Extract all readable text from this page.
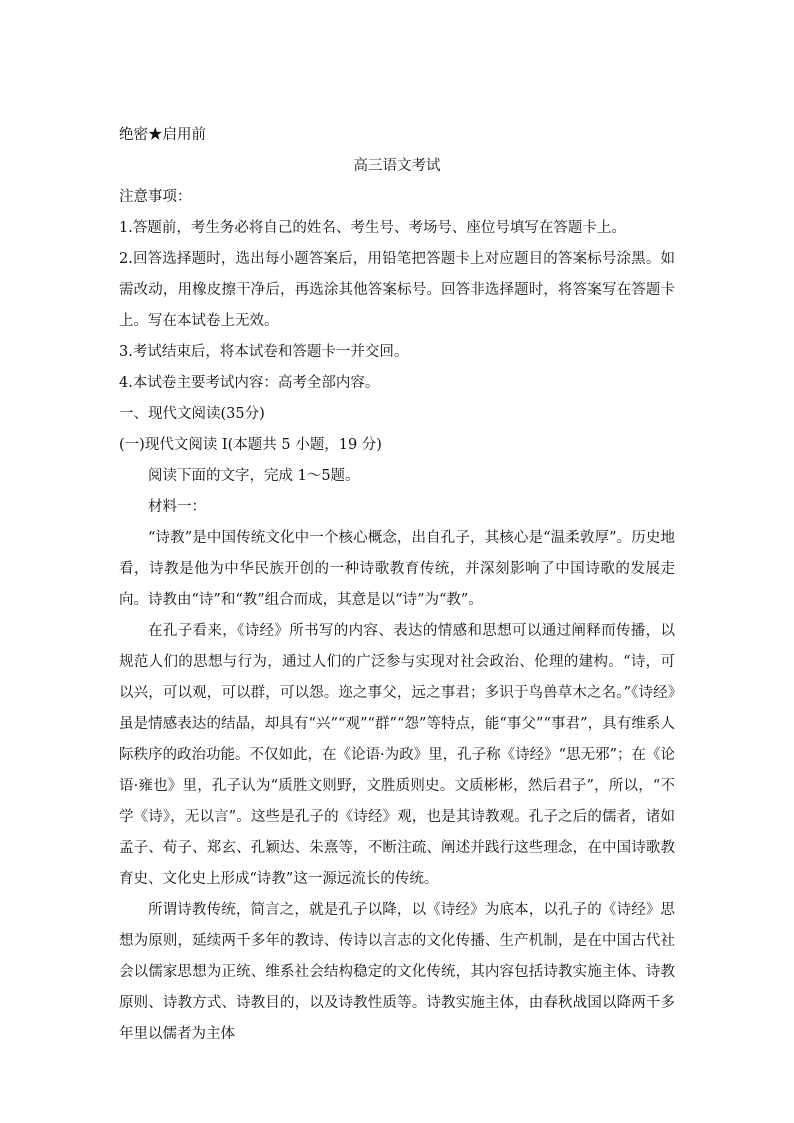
绝密★启用前
高三语文考试
注意事项：
1.答题前，考生务必将自己的姓名、考生号、考场号、座位号填写在答题卡上。
2.回答选择题时，选出每小题答案后，用铅笔把答题卡上对应题目的答案标号涂黑。如需改动，用橡皮擦干净后，再选涂其他答案标号。回答非选择题时，将答案写在答题卡上。写在本试卷上无效。
3.考试结束后，将本试卷和答题卡一并交回。
4.本试卷主要考试内容：高考全部内容。
一、现代文阅读(35分)
(一)现代文阅读 I(本题共 5 小题，19 分)
阅读下面的文字，完成 1～5题。
材料一：
“诗教”是中国传统文化中一个核心概念，出自孔子，其核心是“温柔敦厚”。历史地看，诗教是他为中华民族开创的一种诗歌教育传统，并深刻影响了中国诗歌的发展走向。诗教由“诗”和“教”组合而成，其意是以“诗”为“教”。
在孔子看来，《诗经》所书写的内容、表达的情感和思想可以通过阐释而传播，以规范人们的思想与行为，通过人们的广泛参与实现对社会政治、伦理的建构。“诗，可以兴，可以观，可以群，可以怨。迩之事父，远之事君；多识于鸟兽草木之名。”《诗经》虽是情感表达的结晶，却具有“兴”“观”“群”“怨”等特点，能“事父”“事君”，具有维系人际秩序的政治功能。不仅如此，在《论语·为政》里，孔子称《诗经》“思无邪”；在《论语·雍也》里，孔子认为“质胜文则野，文胜质则史。文质彬彬，然后君子”，所以，“不学《诗》，无以言”。这些是孔子的《诗经》观，也是其诗教观。孔子之后的儒者，诸如孟子、荀子、郑玄、孔颖达、朱熹等，不断注疏、阐述并践行这些理念，在中国诗歌教育史、文化史上形成“诗教”这一源远流长的传统。
所谓诗教传统，简言之，就是孔子以降，以《诗经》为底本，以孔子的《诗经》思想为原则，延续两千多年的教诗、传诗以言志的文化传播、生产机制，是在中国古代社会以儒家思想为正统、维系社会结构稳定的文化传统，其内容包括诗教实施主体、诗教原则、诗教方式、诗教目的，以及诗教性质等。诗教实施主体，由春秋战国以降两千多年里以儒者为主体
